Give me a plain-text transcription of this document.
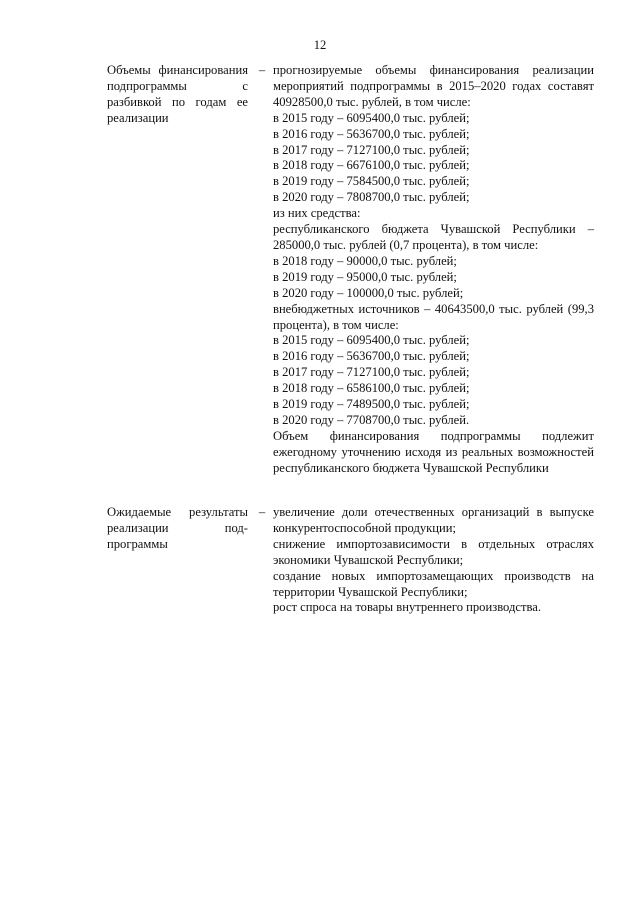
12

Объемы финансирования подпрограммы с разбивкой по годам ее реализации

– прогнозируемые объемы финансирования реализации мероприятий подпрограммы в 2015–2020 годах составят 40928500,0 тыс. рублей, в том числе:

в 2015 году – 6095400,0 тыс. рублей;

в 2016 году – 5636700,0 тыс. рублей;

в 2017 году – 7127100,0 тыс. рублей;

в 2018 году – 6676100,0 тыс. рублей;

в 2019 году – 7584500,0 тыс. рублей;

в 2020 году – 7808700,0 тыс. рублей;

из них средства:

республиканского бюджета Чувашской Республики – 285000,0 тыс. рублей (0,7 процента), в том числе:

в 2018 году – 90000,0 тыс. рублей;

в 2019 году – 95000,0 тыс. рублей;

в 2020 году – 100000,0 тыс. рублей;

внебюджетных источников – 40643500,0 тыс. рублей (99,3 процента), в том числе:

в 2015 году – 6095400,0 тыс. рублей;

в 2016 году – 5636700,0 тыс. рублей;

в 2017 году – 7127100,0 тыс. рублей;

в 2018 году – 6586100,0 тыс. рублей;

в 2019 году – 7489500,0 тыс. рублей;

в 2020 году – 7708700,0 тыс. рублей.

Объем финансирования подпрограммы подлежит ежегодному уточнению исходя из реальных возможностей республиканского бюджета Чувашской Республики

Ожидаемые результаты реализации подпрограммы

– увеличение доли отечественных организаций в выпуске конкурентоспособной продукции;

снижение импортозависимости в отдельных отраслях экономики Чувашской Республики;

создание новых импортозамещающих производств на территории Чувашской Республики;

рост спроса на товары внутреннего производства.
